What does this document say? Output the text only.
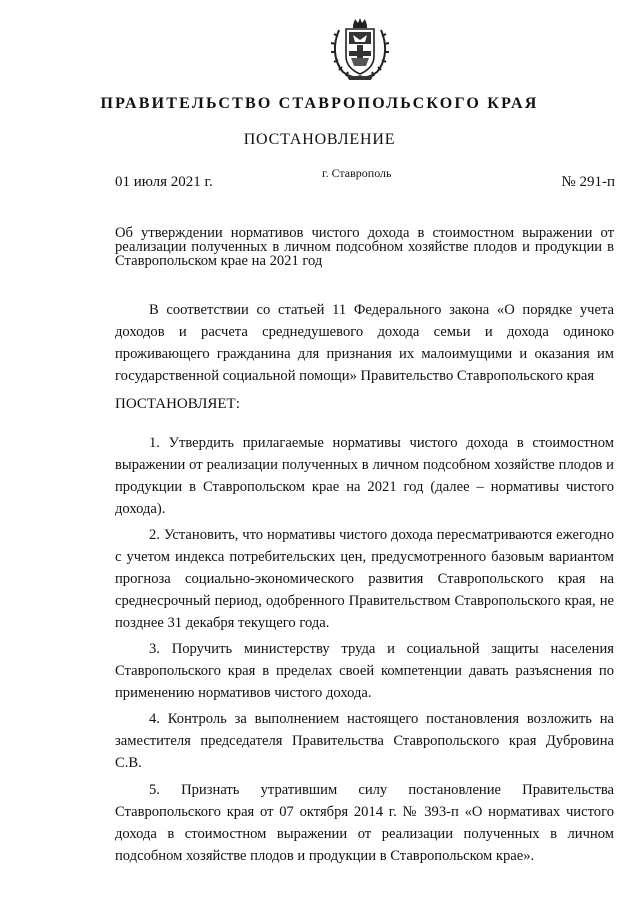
ПРАВИТЕЛЬСТВО СТАВРОПОЛЬСКОГО КРАЯ
ПОСТАНОВЛЕНИЕ
01 июля 2021 г.
г. Ставрополь
№ 291-п
Об утверждении нормативов чистого дохода в стоимостном выражении от реализации полученных в личном подсобном хозяйстве плодов и продукции в Ставропольском крае на 2021 год
В соответствии со статьей 11 Федерального закона «О порядке учета доходов и расчета среднедушевого дохода семьи и дохода одиноко проживающего гражданина для признания их малоимущими и оказания им государственной социальной помощи» Правительство Ставропольского края
ПОСТАНОВЛЯЕТ:
1. Утвердить прилагаемые нормативы чистого дохода в стоимостном выражении от реализации полученных в личном подсобном хозяйстве плодов и продукции в Ставропольском крае на 2021 год (далее – нормативы чистого дохода).
2. Установить, что нормативы чистого дохода пересматриваются ежегодно с учетом индекса потребительских цен, предусмотренного базовым вариантом прогноза социально-экономического развития Ставропольского края на среднесрочный период, одобренного Правительством Ставропольского края, не позднее 31 декабря текущего года.
3. Поручить министерству труда и социальной защиты населения Ставропольского края в пределах своей компетенции давать разъяснения по применению нормативов чистого дохода.
4. Контроль за выполнением настоящего постановления возложить на заместителя председателя Правительства Ставропольского края Дубровина С.В.
5. Признать утратившим силу постановление Правительства Ставропольского края от 07 октября 2014 г. № 393-п «О нормативах чистого дохода в стоимостном выражении от реализации полученных в личном подсобном хозяйстве плодов и продукции в Ставропольском крае».
